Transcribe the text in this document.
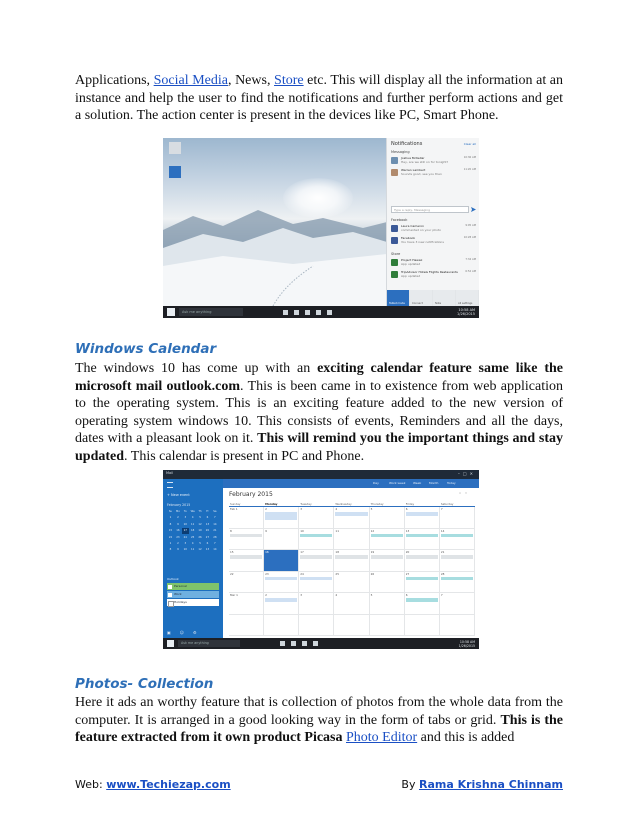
Applications, Social Media, News, Store etc. This will display all the information at an instance and help the user to find the notifications and further perform actions and get a solution. The action center is present in the devices like PC, Smart Phone.

Notifications	Clear all
Messaging
Joshua McKellar
Hey, are we still on for tonight?
10:36 AM
Warren Lambert
Sounds good, see you then
11:20 AM
Type a reply, Messaging
Facebook
Laura Cameron
commented on your photo
9:05 AM
Facebook
You have 3 new notifications
10:28 AM
Store
Project Hawaii
App updated
7:34 AM
TripAdvisor Hotels Flights Restaurants
App updated
6:52 AM
Tablet mode	Connect	Note	All settings
Ask me anything	10:58 AM
1/26/2015
Windows Calendar

The windows 10 has come up with an exciting calendar feature same like the microsoft mail outlook.com. This is been came in to existence from web application to the operating system. This is an exciting feature added to the new version of operating system windows 10. This consists of events, Reminders and all the days, dates with a pleasant look on it. This will remind you the important things and stay updated. This calendar is present in PC and Phone.

Mail	–□✕
Day	Work week	Week	Month	Today
+ New event
February 2015
Su	Mo	Tu	We	Th	Fr	Sa
1	2	3	4	5	6	7
8	9	10	11	12	13	14
15	16	17	18	19	20	21
22	23	24	25	26	27	28
1	2	3	4	5	6	7
8	9	10	11	12	13	14
Outlook
Personal
Work
Holidays
▣☺⚙
February 2015	˄˅
Sunday	Monday	Tuesday	Wednesday	Thursday	Friday	Saturday
Feb 1	2	3	4	5	6	7
8	9	10	11	12	13	14
15	16	17	18	19	20	21
22	23	24	25	26	27	28
Mar 1	2	3	4	5	6	7
Ask me anything	10:58 AM
1/26/2015
Photos- Collection

Here it ads an worthy feature that is collection of photos from the whole data from the computer. It is arranged in a good looking way in the form of tabs or grid. This is the feature extracted from it own product Picasa Photo Editor and this is added

Web: www.Techiezap.com	By Rama Krishna Chinnam
